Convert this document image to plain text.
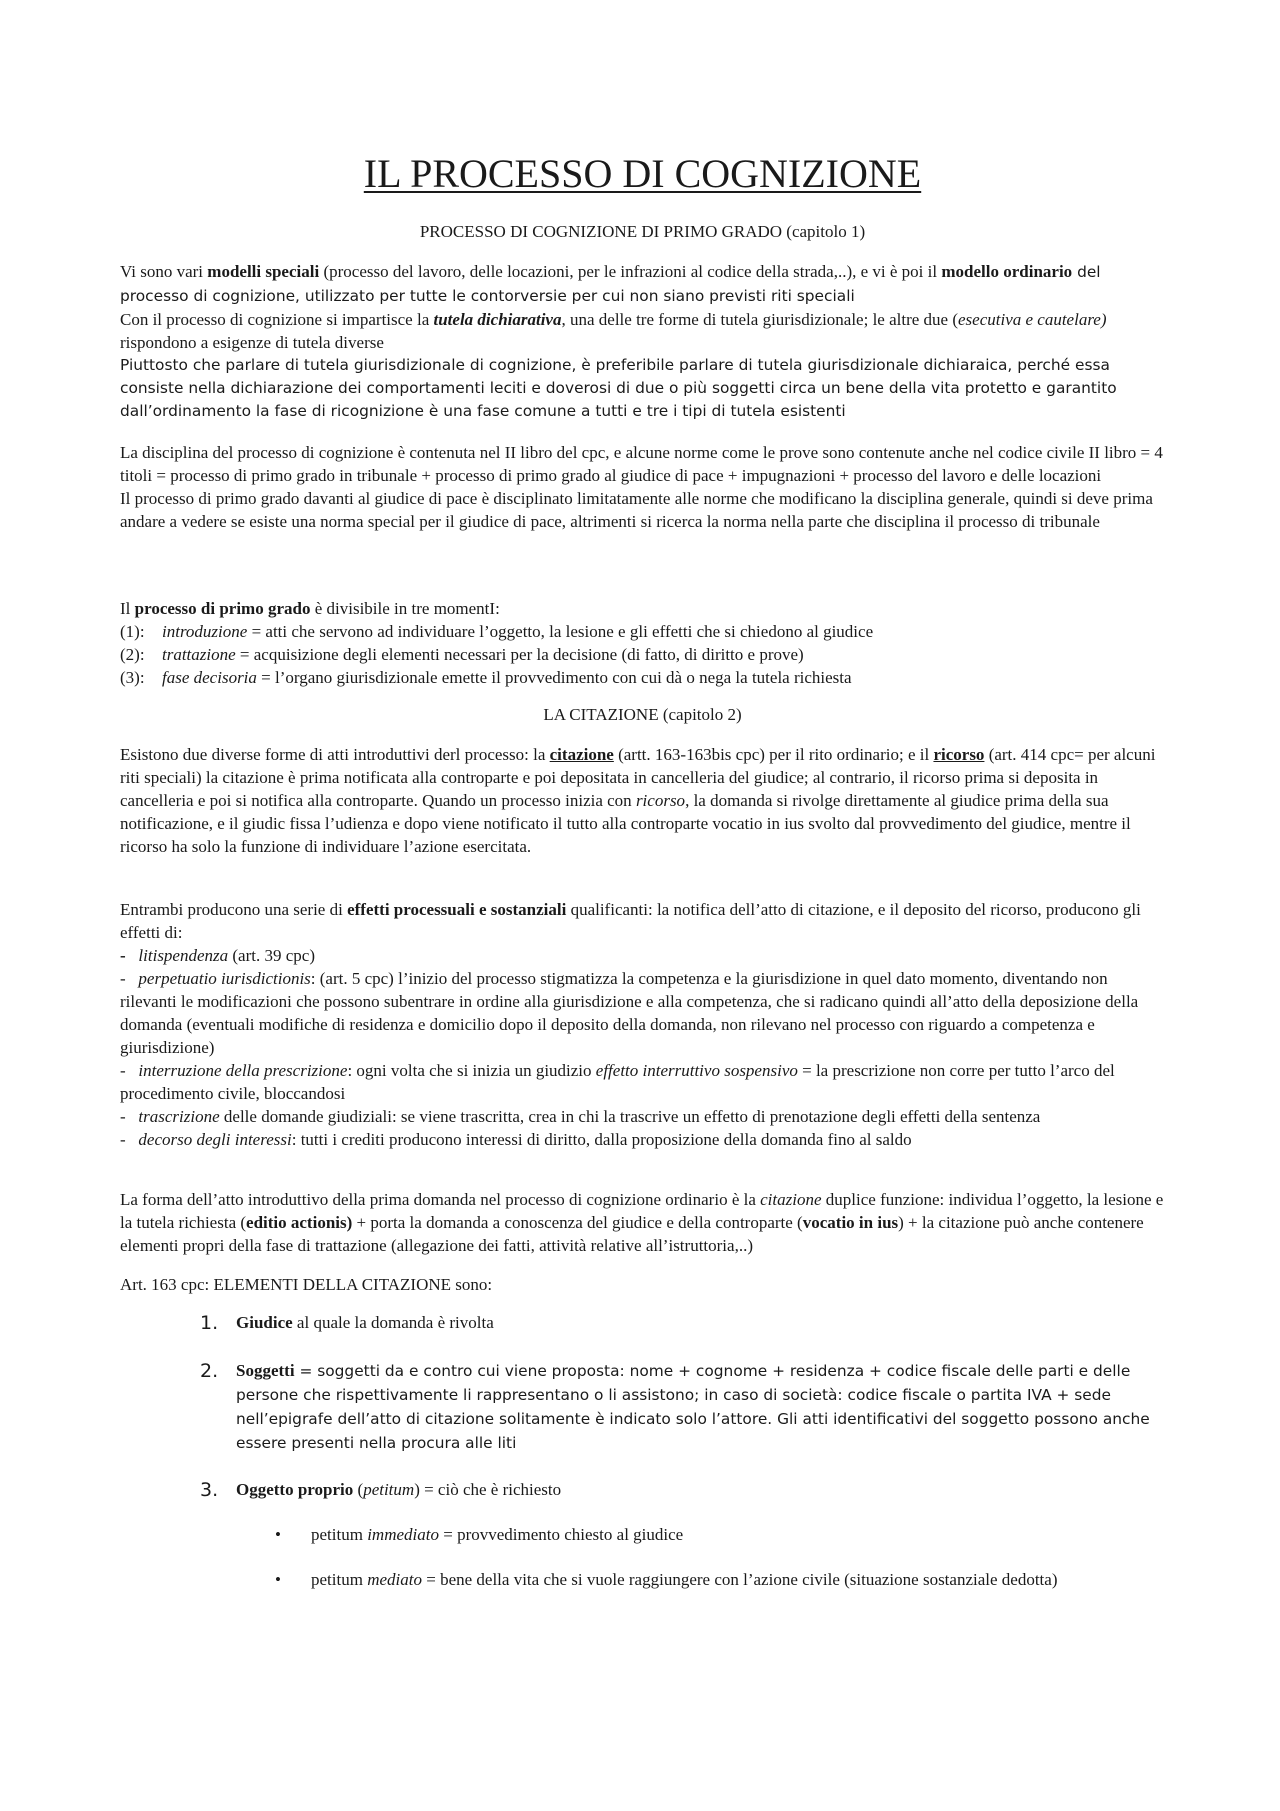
IL PROCESSO DI COGNIZIONE

PROCESSO DI COGNIZIONE DI PRIMO GRADO (capitolo 1)

Vi sono vari modelli speciali (processo del lavoro, delle locazioni, per le infrazioni al codice della strada,..), e vi è poi il modello ordinario del processo di cognizione, utilizzato per tutte le contorversie per cui non siano previsti riti speciali

Con il processo di cognizione si impartisce la tutela dichiarativa, una delle tre forme di tutela giurisdizionale; le altre due (esecutiva e cautelare) rispondono a esigenze di tutela diverse

Piuttosto che parlare di tutela giurisdizionale di cognizione, è preferibile parlare di tutela giurisdizionale dichiaraica, perché essa consiste nella dichiarazione dei comportamenti leciti e doverosi di due o più soggetti circa un bene della vita protetto e garantito dall’ordinamento la fase di ricognizione è una fase comune a tutti e tre i tipi di tutela esistenti

La disciplina del processo di cognizione è contenuta nel II libro del cpc, e alcune norme come le prove sono contenute anche nel codice civile II libro = 4 titoli = processo di primo grado in tribunale + processo di primo grado al giudice di pace + impugnazioni + processo del lavoro e delle locazioni

Il processo di primo grado davanti al giudice di pace è disciplinato limitatamente alle norme che modificano la disciplina generale, quindi si deve prima andare a vedere se esiste una norma special per il giudice di pace, altrimenti si ricerca la norma nella parte che disciplina il processo di tribunale

Il processo di primo grado è divisibile in tre momentI:

(1):	introduzione = atti che servono ad individuare l’oggetto, la lesione e gli effetti che si chiedono al giudice
(2):	trattazione = acquisizione degli elementi necessari per la decisione (di fatto, di diritto e prove)
(3):	fase decisoria = l’organo giurisdizionale emette il provvedimento con cui dà o nega la tutela richiesta

LA CITAZIONE (capitolo 2)

Esistono due diverse forme di atti introduttivi derl processo: la citazione (artt. 163-163bis cpc) per il rito ordinario; e il ricorso (art. 414 cpc= per alcuni riti speciali) la citazione è prima notificata alla controparte e poi depositata in cancelleria del giudice; al contrario, il ricorso prima si deposita in cancelleria e poi si notifica alla controparte. Quando un processo inizia con ricorso, la domanda si rivolge direttamente al giudice prima della sua notificazione, e il giudic fissa l’udienza e dopo viene notificato il tutto alla controparte vocatio in ius svolto dal provvedimento del giudice, mentre il ricorso ha solo la funzione di individuare l’azione esercitata.

Entrambi producono una serie di effetti processuali e sostanziali qualificanti: la notifica dell’atto di citazione, e il deposito del ricorso, producono gli effetti di:

- litispendenza (art. 39 cpc)

- perpetuatio iurisdictionis: (art. 5 cpc) l’inizio del processo stigmatizza la competenza e la giurisdizione in quel dato momento, diventando non rilevanti le modificazioni che possono subentrare in ordine alla giurisdizione e alla competenza, che si radicano quindi all’atto della deposizione della domanda (eventuali modifiche di residenza e domicilio dopo il deposito della domanda, non rilevano nel processo con riguardo a competenza e giurisdizione)

- interruzione della prescrizione: ogni volta che si inizia un giudizio effetto interruttivo sospensivo = la prescrizione non corre per tutto l’arco del procedimento civile, bloccandosi

- trascrizione delle domande giudiziali: se viene trascritta, crea in chi la trascrive un effetto di prenotazione degli effetti della sentenza

- decorso degli interessi: tutti i crediti producono interessi di diritto, dalla proposizione della domanda fino al saldo

La forma dell’atto introduttivo della prima domanda nel processo di cognizione ordinario è la citazione duplice funzione: individua l’oggetto, la lesione e la tutela richiesta (editio actionis) + porta la domanda a conoscenza del giudice e della controparte (vocatio in ius) + la citazione può anche contenere elementi propri della fase di trattazione (allegazione dei fatti, attività relative all’istruttoria,..)

Art. 163 cpc: ELEMENTI DELLA CITAZIONE sono:

1.	Giudice al quale la domanda è rivolta
2.	Soggetti = soggetti da e contro cui viene proposta: nome + cognome + residenza + codice fiscale delle parti e delle persone che rispettivamente li rappresentano o li assistono; in caso di società: codice fiscale o partita IVA + sede nell’epigrafe dell’atto di citazione solitamente è indicato solo l’attore. Gli atti identificativi del soggetto possono anche essere presenti nella procura alle liti
3.	Oggetto proprio (petitum) = ciò che è richiesto
•	petitum immediato = provvedimento chiesto al giudice
•	petitum mediato = bene della vita che si vuole raggiungere con l’azione civile (situazione sostanziale dedotta)
